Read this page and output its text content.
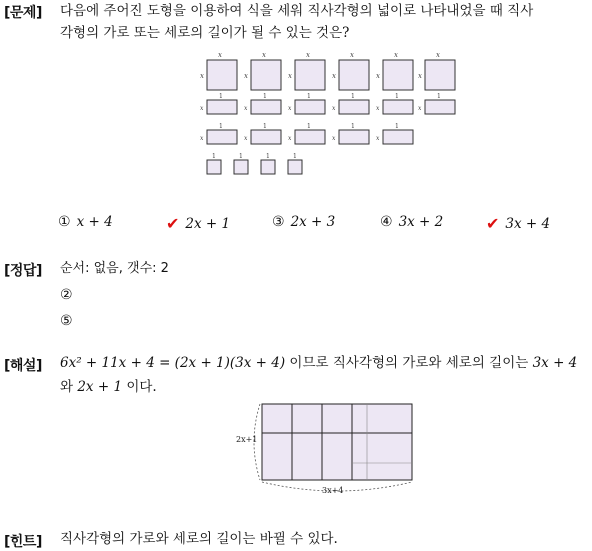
[문제] 다음에 주어진 도형을 이용하여 식을 세워 직사각형의 넓이로 나타내었을 때 직사
각형의 가로 또는 세로의 길이가 될 수 있는 것은?
x	x	x	x	x	x
x	x	x	x	x	x
1	1	1	1	1	1
x	x	x	x	x	x
1	1	1	1	1
x	x	x	x	x
1	1	1	1
① x + 4	✔ 2x + 1	③ 2x + 3	④ 3x + 2	✔ 3x + 4
[정답] 순서: 없음, 갯수: 2
②
⑤
[해설] 6x² + 11x + 4 = (2x + 1)(3x + 4) 이므로 직사각형의 가로와 세로의 길이는 3x + 4
와 2x + 1 이다.
2x+1
3x+4
[힌트] 직사각형의 가로와 세로의 길이는 바뀔 수 있다.
